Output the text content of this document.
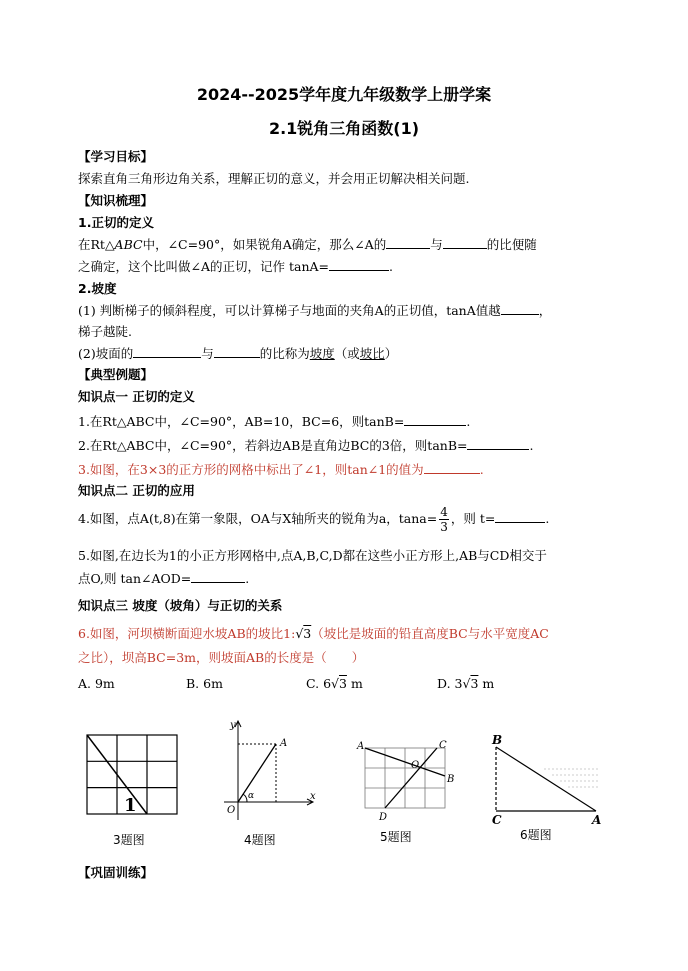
2024--2025学年度九年级数学上册学案
2.1锐角三角函数(1)
【学习目标】
探索直角三角形边角关系，理解正切的意义，并会用正切解决相关问题.
【知识梳理】
1.正切的定义
在Rt△ABC中，∠C=90°，如果锐角A确定，那么∠A的	与	的比便随
之确定，这个比叫做∠A的正切，记作 tanA=	.
2.坡度
(1) 判断梯子的倾斜程度，可以计算梯子与地面的夹角A的正切值，tanA值越	，
梯子越陡.
(2)坡面的	与	的比称为坡度（或坡比）
【典型例题】
知识点一 正切的定义
1.在Rt△ABC中，∠C=90°，AB=10，BC=6，则tanB=	.
2.在Rt△ABC中，∠C=90°，若斜边AB是直角边BC的3倍，则tanB=	.
3.如图，在3×3的正方形的网格中标出了∠1，则tan∠1的值为	.
知识点二 正切的应用
4.如图，点A(t,8)在第一象限，OA与X轴所夹的锐角为a，$\tan a= \frac{4}{3}$ ，则 t=	.
5.如图,在边长为1的小正方形网格中,点A,B,C,D都在这些小正方形上,AB与CD相交于
点O,则 tan∠AOD=	.
知识点三 坡度（坡角）与正切的关系
6.如图，河坝横断面迎水坡AB的坡比1:√3（坡比是坡面的铅直高度BC与水平宽度AC
之比），坝高BC=3m，则坡面AB的长度是（　　）
A. 9m	B. 6m	C. 6√3 m	D. 3√3 m
1
3题图
y
x
A
O
α
4题图
A
B
C
D
O
5题图
B
C	A
6题图
【巩固训练】
